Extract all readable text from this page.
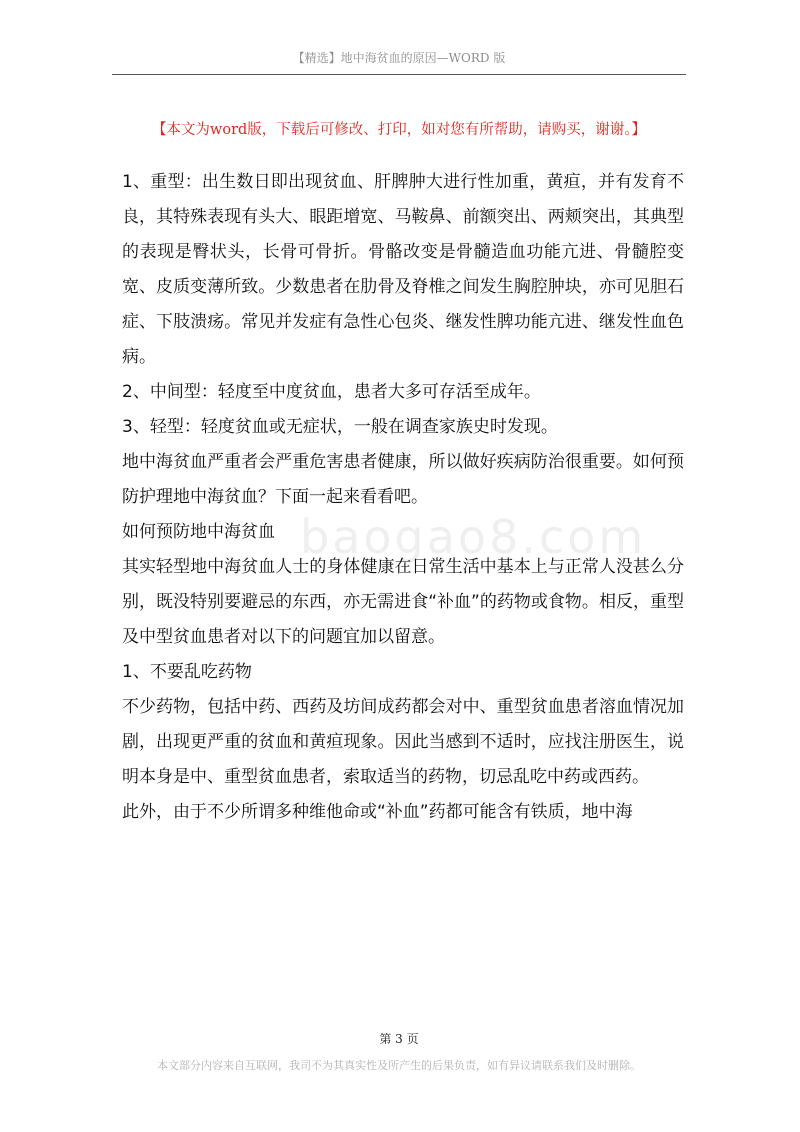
【精选】地中海贫血的原因—WORD 版
【本文为word版，下载后可修改、打印，如对您有所帮助，请购买，谢谢。】
baogao8.com

1、重型：出生数日即出现贫血、肝脾肿大进行性加重，黄疸，并有发育不良，其特殊表现有头大、眼距增宽、马鞍鼻、前额突出、两颊突出，其典型的表现是臀状头，长骨可骨折。骨骼改变是骨髓造血功能亢进、骨髓腔变宽、皮质变薄所致。少数患者在肋骨及脊椎之间发生胸腔肿块，亦可见胆石症、下肢溃疡。常见并发症有急性心包炎、继发性脾功能亢进、继发性血色病。

2、中间型：轻度至中度贫血，患者大多可存活至成年。

3、轻型：轻度贫血或无症状，一般在调查家族史时发现。

地中海贫血严重者会严重危害患者健康，所以做好疾病防治很重要。如何预防护理地中海贫血？下面一起来看看吧。

如何预防地中海贫血

其实轻型地中海贫血人士的身体健康在日常生活中基本上与正常人没甚么分别，既没特别要避忌的东西，亦无需进食“补血”的药物或食物。相反，重型及中型贫血患者对以下的问题宜加以留意。

1、不要乱吃药物

不少药物，包括中药、西药及坊间成药都会对中、重型贫血患者溶血情况加剧，出现更严重的贫血和黄疸现象。因此当感到不适时，应找注册医生，说明本身是中、重型贫血患者，索取适当的药物，切忌乱吃中药或西药。

此外，由于不少所谓多种维他命或“补血”药都可能含有铁质，地中海

第 3 页
本文部分内容来自互联网，我司不为其真实性及所产生的后果负责，如有异议请联系我们及时删除。
